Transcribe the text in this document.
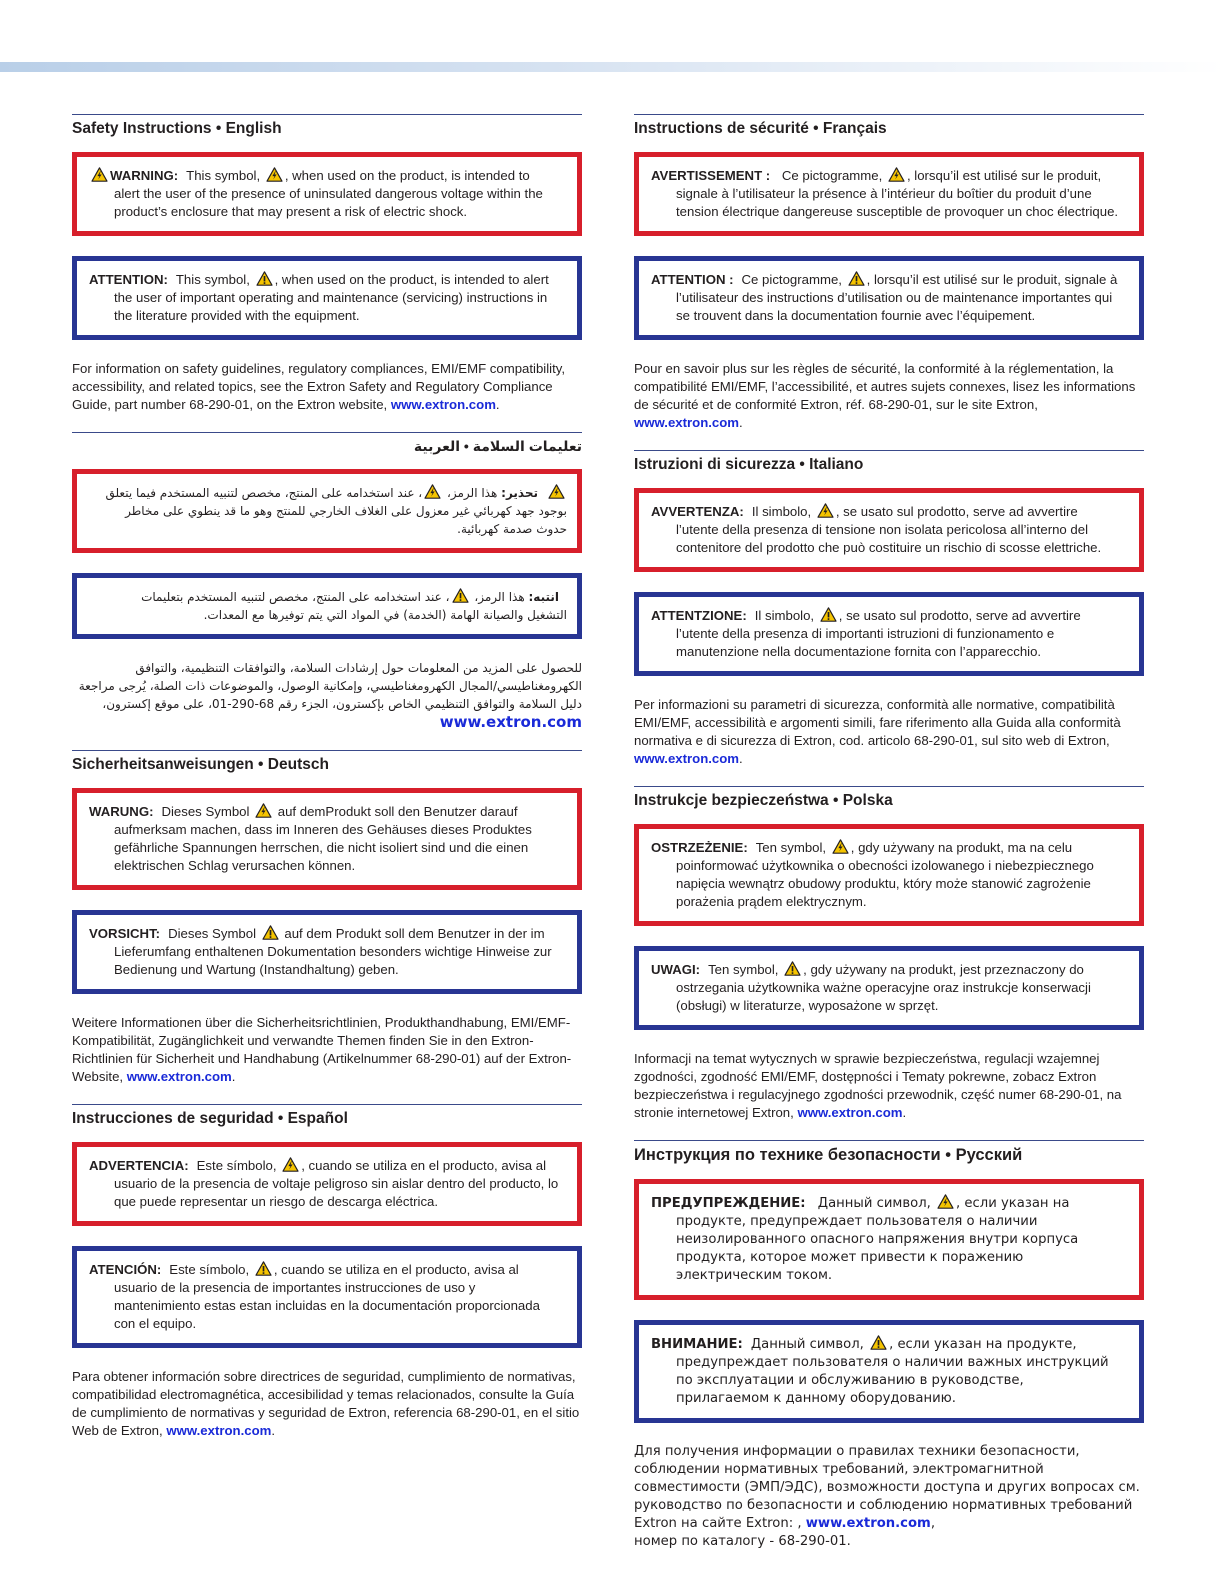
Safety Instructions • English

WARNING: This symbol, , when used on the product, is intended to alert the user of the presence of uninsulated dangerous voltage within the product’s enclosure that may present a risk of electric shock.

ATTENTION: This symbol, , when used on the product, is intended to alert the user of important operating and maintenance (servicing) instructions in the literature provided with the equipment.

For information on safety guidelines, regulatory compliances, EMI/EMF compatibility, accessibility, and related topics, see the Extron Safety and Regulatory Compliance Guide, part number 68-290-01, on the Extron website, www.extron.com.

تعليمات السلامة • العربية

تحذير: هذا الرمز، ، عند استخدامه على المنتج، مخصص لتنبيه المستخدم فيما يتعلق بوجود جهد كهربائي غير معزول على الغلاف الخارجي للمنتج وهو ما قد ينطوي على مخاطر حدوث صدمة كهربائية.

انتبه: هذا الرمز، ، عند استخدامه على المنتج، مخصص لتنبيه المستخدم بتعليمات التشغيل والصيانة الهامة (الخدمة) في المواد التي يتم توفيرها مع المعدات.

للحصول على المزيد من المعلومات حول إرشادات السلامة، والتوافقات التنظيمية، والتوافق الكهرومغناطيسي/المجال الكهرومغناطيسي، وإمكانية الوصول، والموضوعات ذات الصلة، يُرجى مراجعة دليل السلامة والتوافق التنظيمي الخاص بإكسترون، الجزء رقم 68-290-01، على موقع إكسترون، www.extron.com

Sicherheitsanweisungen • Deutsch

WARUNG: Dieses Symbol auf demProdukt soll den Benutzer darauf aufmerksam machen, dass im Inneren des Gehäuses dieses Produktes gefährliche Spannungen herrschen, die nicht isoliert sind und die einen elektrischen Schlag verursachen können.

VORSICHT: Dieses Symbol auf dem Produkt soll dem Benutzer in der im Lieferumfang enthaltenen Dokumentation besonders wichtige Hinweise zur Bedienung und Wartung (Instandhaltung) geben.

Weitere Informationen über die Sicherheitsrichtlinien, Produkthandhabung, EMI/EMF-Kompatibilität, Zugänglichkeit und verwandte Themen finden Sie in den Extron-Richtlinien für Sicherheit und Handhabung (Artikelnummer 68-290-01) auf der Extron-Website, www.extron.com.

Instrucciones de seguridad • Español

ADVERTENCIA: Este símbolo, , cuando se utiliza en el producto, avisa al usuario de la presencia de voltaje peligroso sin aislar dentro del producto, lo que puede representar un riesgo de descarga eléctrica.

ATENCIÓN: Este símbolo, , cuando se utiliza en el producto, avisa al usuario de la presencia de importantes instrucciones de uso y mantenimiento estas estan incluidas en la documentación proporcionada con el equipo.

Para obtener información sobre directrices de seguridad, cumplimiento de normativas, compatibilidad electromagnética, accesibilidad y temas relacionados, consulte la Guía de cumplimiento de normativas y seguridad de Extron, referencia 68-290-01, en el sitio Web de Extron, www.extron.com.

Instructions de sécurité • Français

AVERTISSEMENT : Ce pictogramme, , lorsqu’il est utilisé sur le produit, signale à l’utilisateur la présence à l’intérieur du boîtier du produit d’une tension électrique dangereuse susceptible de provoquer un choc électrique.

ATTENTION : Ce pictogramme, , lorsqu’il est utilisé sur le produit, signale à l’utilisateur des instructions d’utilisation ou de maintenance importantes qui se trouvent dans la documentation fournie avec l’équipement.

Pour en savoir plus sur les règles de sécurité, la conformité à la réglementation, la compatibilité EMI/EMF, l’accessibilité, et autres sujets connexes, lisez les informations de sécurité et de conformité Extron, réf. 68-290-01, sur le site Extron, www.extron.com.

Istruzioni di sicurezza • Italiano

AVVERTENZA: Il simbolo, , se usato sul prodotto, serve ad avvertire l’utente della presenza di tensione non isolata pericolosa all’interno del contenitore del prodotto che può costituire un rischio di scosse elettriche.

ATTENTZIONE: Il simbolo, , se usato sul prodotto, serve ad avvertire l’utente della presenza di importanti istruzioni di funzionamento e manutenzione nella documentazione fornita con l’apparecchio.

Per informazioni su parametri di sicurezza, conformità alle normative, compatibilità EMI/EMF, accessibilità e argomenti simili, fare riferimento alla Guida alla conformità normativa e di sicurezza di Extron, cod. articolo 68-290-01, sul sito web di Extron, www.extron.com.

Instrukcje bezpieczeństwa • Polska

OSTRZEŻENIE: Ten symbol, , gdy używany na produkt, ma na celu poinformować użytkownika o obecności izolowanego i niebezpiecznego napięcia wewnątrz obudowy produktu, który może stanowić zagrożenie porażenia prądem elektrycznym.

UWAGI: Ten symbol, , gdy używany na produkt, jest przeznaczony do ostrzegania użytkownika ważne operacyjne oraz instrukcje konserwacji (obsługi) w literaturze, wyposażone w sprzęt.

Informacji na temat wytycznych w sprawie bezpieczeństwa, regulacji wzajemnej zgodności, zgodność EMI/EMF, dostępności i Tematy pokrewne, zobacz Extron bezpieczeństwa i regulacyjnego zgodności przewodnik, część numer 68-290-01, na stronie internetowej Extron, www.extron.com.

Инструкция по технике безопасности • Русский

ПРЕДУПРЕЖДЕНИЕ: Данный символ, , если указан на продукте, предупреждает пользователя о наличии неизолированного опасного напряжения внутри корпуса продукта, которое может привести к поражению электрическим током.

ВНИМАНИЕ: Данный символ, , если указан на продукте, предупреждает пользователя о наличии важных инструкций по эксплуатации и обслуживанию в руководстве, прилагаемом к данному оборудованию.

Для получения информации о правилах техники безопасности, соблюдении нормативных требований, электромагнитной совместимости (ЭМП/ЭДС), возможности доступа и других вопросах см. руководство по безопасности и соблюдению нормативных требований Extron на сайте Extron: , www.extron.com,
номер по каталогу - 68-290-01.
